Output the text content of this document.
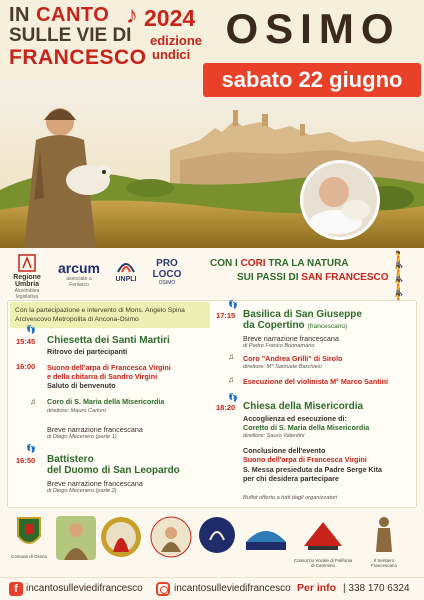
IN CANTO ♪
SULLE VIE DI
FRANCESCO
2024
edizione
undici
OSIMO
sabato 22 giugno
Regione Umbria
Assemblea legislativa
arcum
associate a Feniarco
UNPLI
PRO LOCO
OSIMO
CON I CORI TRA LA NATURA
SUI PASSI DI SAN FRANCESCO
🚶🚶
🚶
Con la partecipazione e intervento di Mons. Angelo Spina
Arcivescovo Metropolita di Ancona-Osimo
👣
15:45 Chiesetta dei Santi Martiri
Ritrovo dei partecipanti
16:00 Suono dell'arpa di Francesca Virgini
e della chitarra di Sandro Virgini
Saluto di benvenuto
♫ Coro di S. Maria della Misericordia
direttore: Mauro Carloni
Breve narrazione francescana
di Diego Mecenero (parte 1)
👣
16:50 Battistero
del Duomo di San Leopardo
Breve narrazione francescana
di Diego Mecenero (parte 2)
👣
17:15 Basilica di San Giuseppe
da Copertino (francescano)
Breve narrazione francescana
di Padre Franco Buonamano
♫ Coro "Andrea Grilli" di Sirolo
direttore: M° Samuele Barchiesi
♫ Esecuzione del violinista M° Marco Santini
👣
18:20 Chiesa della Misericordia
Accoglienza ed esecuzione di:
Coretto di S. Maria della Misericordia
direttore: Sauro Valentini
Conclusione dell'evento
Suono dell'arpa di Francesca Virgini
S. Messa presieduta da Padre Serge Kita
per chi desidera partecipare
Buffet offerto a tutti dagli organizzatori
Comune di Osimo
Consorzio Vocale di Polifonia di Cammino
Il Sentiero Francescano
f incantosulleviedifrancesco	incantosulleviedifrancesco Per info | 338 170 6324
